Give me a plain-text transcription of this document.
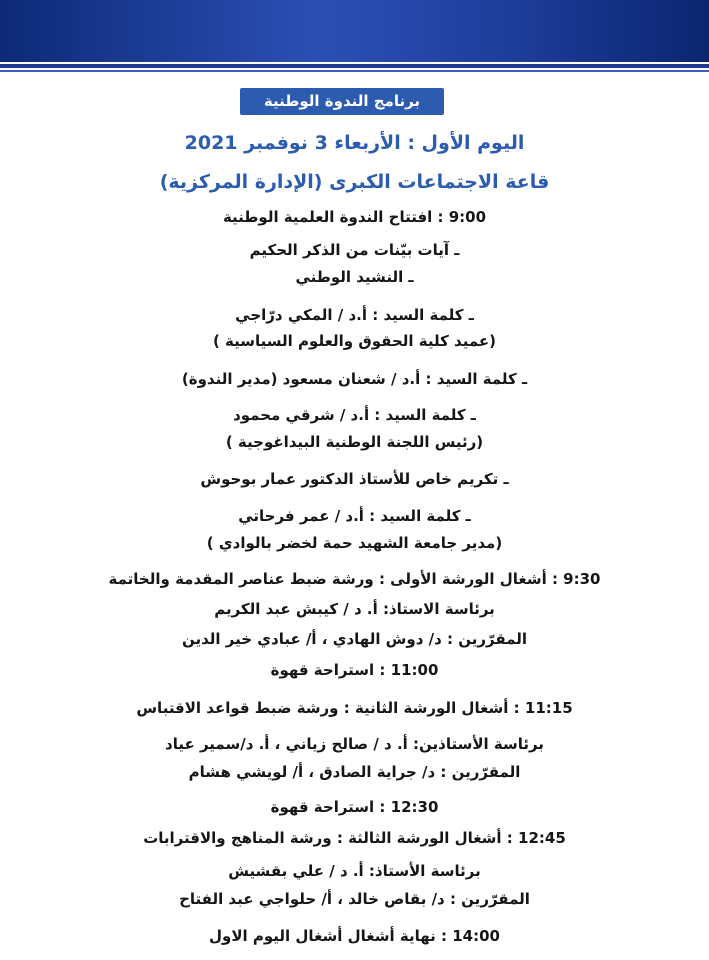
برنامج الندوة الوطنية
اليوم الأول : الأربعاء 3 نوفمبر 2021
قاعة الاجتماعات الكبرى (الإدارة المركزية)
9:00 : افتتاح الندوة العلمية الوطنية
ـ آيات بيّنات من الذكر الحكيم
ـ النشيد الوطني
ـ كلمة السيد : أ.د / المكي درّاجي
(عميد كلية الحقوق والعلوم السياسية )
ـ كلمة السيد : أ.د / شعنان مسعود (مدير الندوة)
ـ كلمة السيد : أ.د / شرقي محمود
(رئيس اللجنة الوطنية البيداغوجية )
ـ تكريم خاص للأستاذ الدكتور عمار بوحوش
ـ كلمة السيد : أ.د / عمر فرحاتي
(مدير جامعة الشهيد حمة لخضر بالوادي )
9:30 : أشغال الورشة الأولى : ورشة ضبط عناصر المقدمة والخاتمة
برئاسة الاستاذ: أ. د / كيبش عبد الكريم
المقرّرين : د/ دوش الهادي ، أ/ عبادي خير الدين
11:00 : استراحة قهوة
11:15 : أشغال الورشة الثانية : ورشة ضبط قواعد الاقتباس
برئاسة الأستاذين: أ. د / صالح زياني ، أ. د/سمير عياد
المقرّرين : د/ جراية الصادق ، أ/ لويشي هشام
12:30 : استراحة قهوة
12:45 : أشغال الورشة الثالثة : ورشة المناهج والاقترابات
برئاسة الأستاذ: أ. د / علي بقشيش
المقرّرين : د/ بقاص خالد ، أ/ حلواجي عبد الفتاح
14:00 : نهاية أشغال أشغال اليوم الاول
